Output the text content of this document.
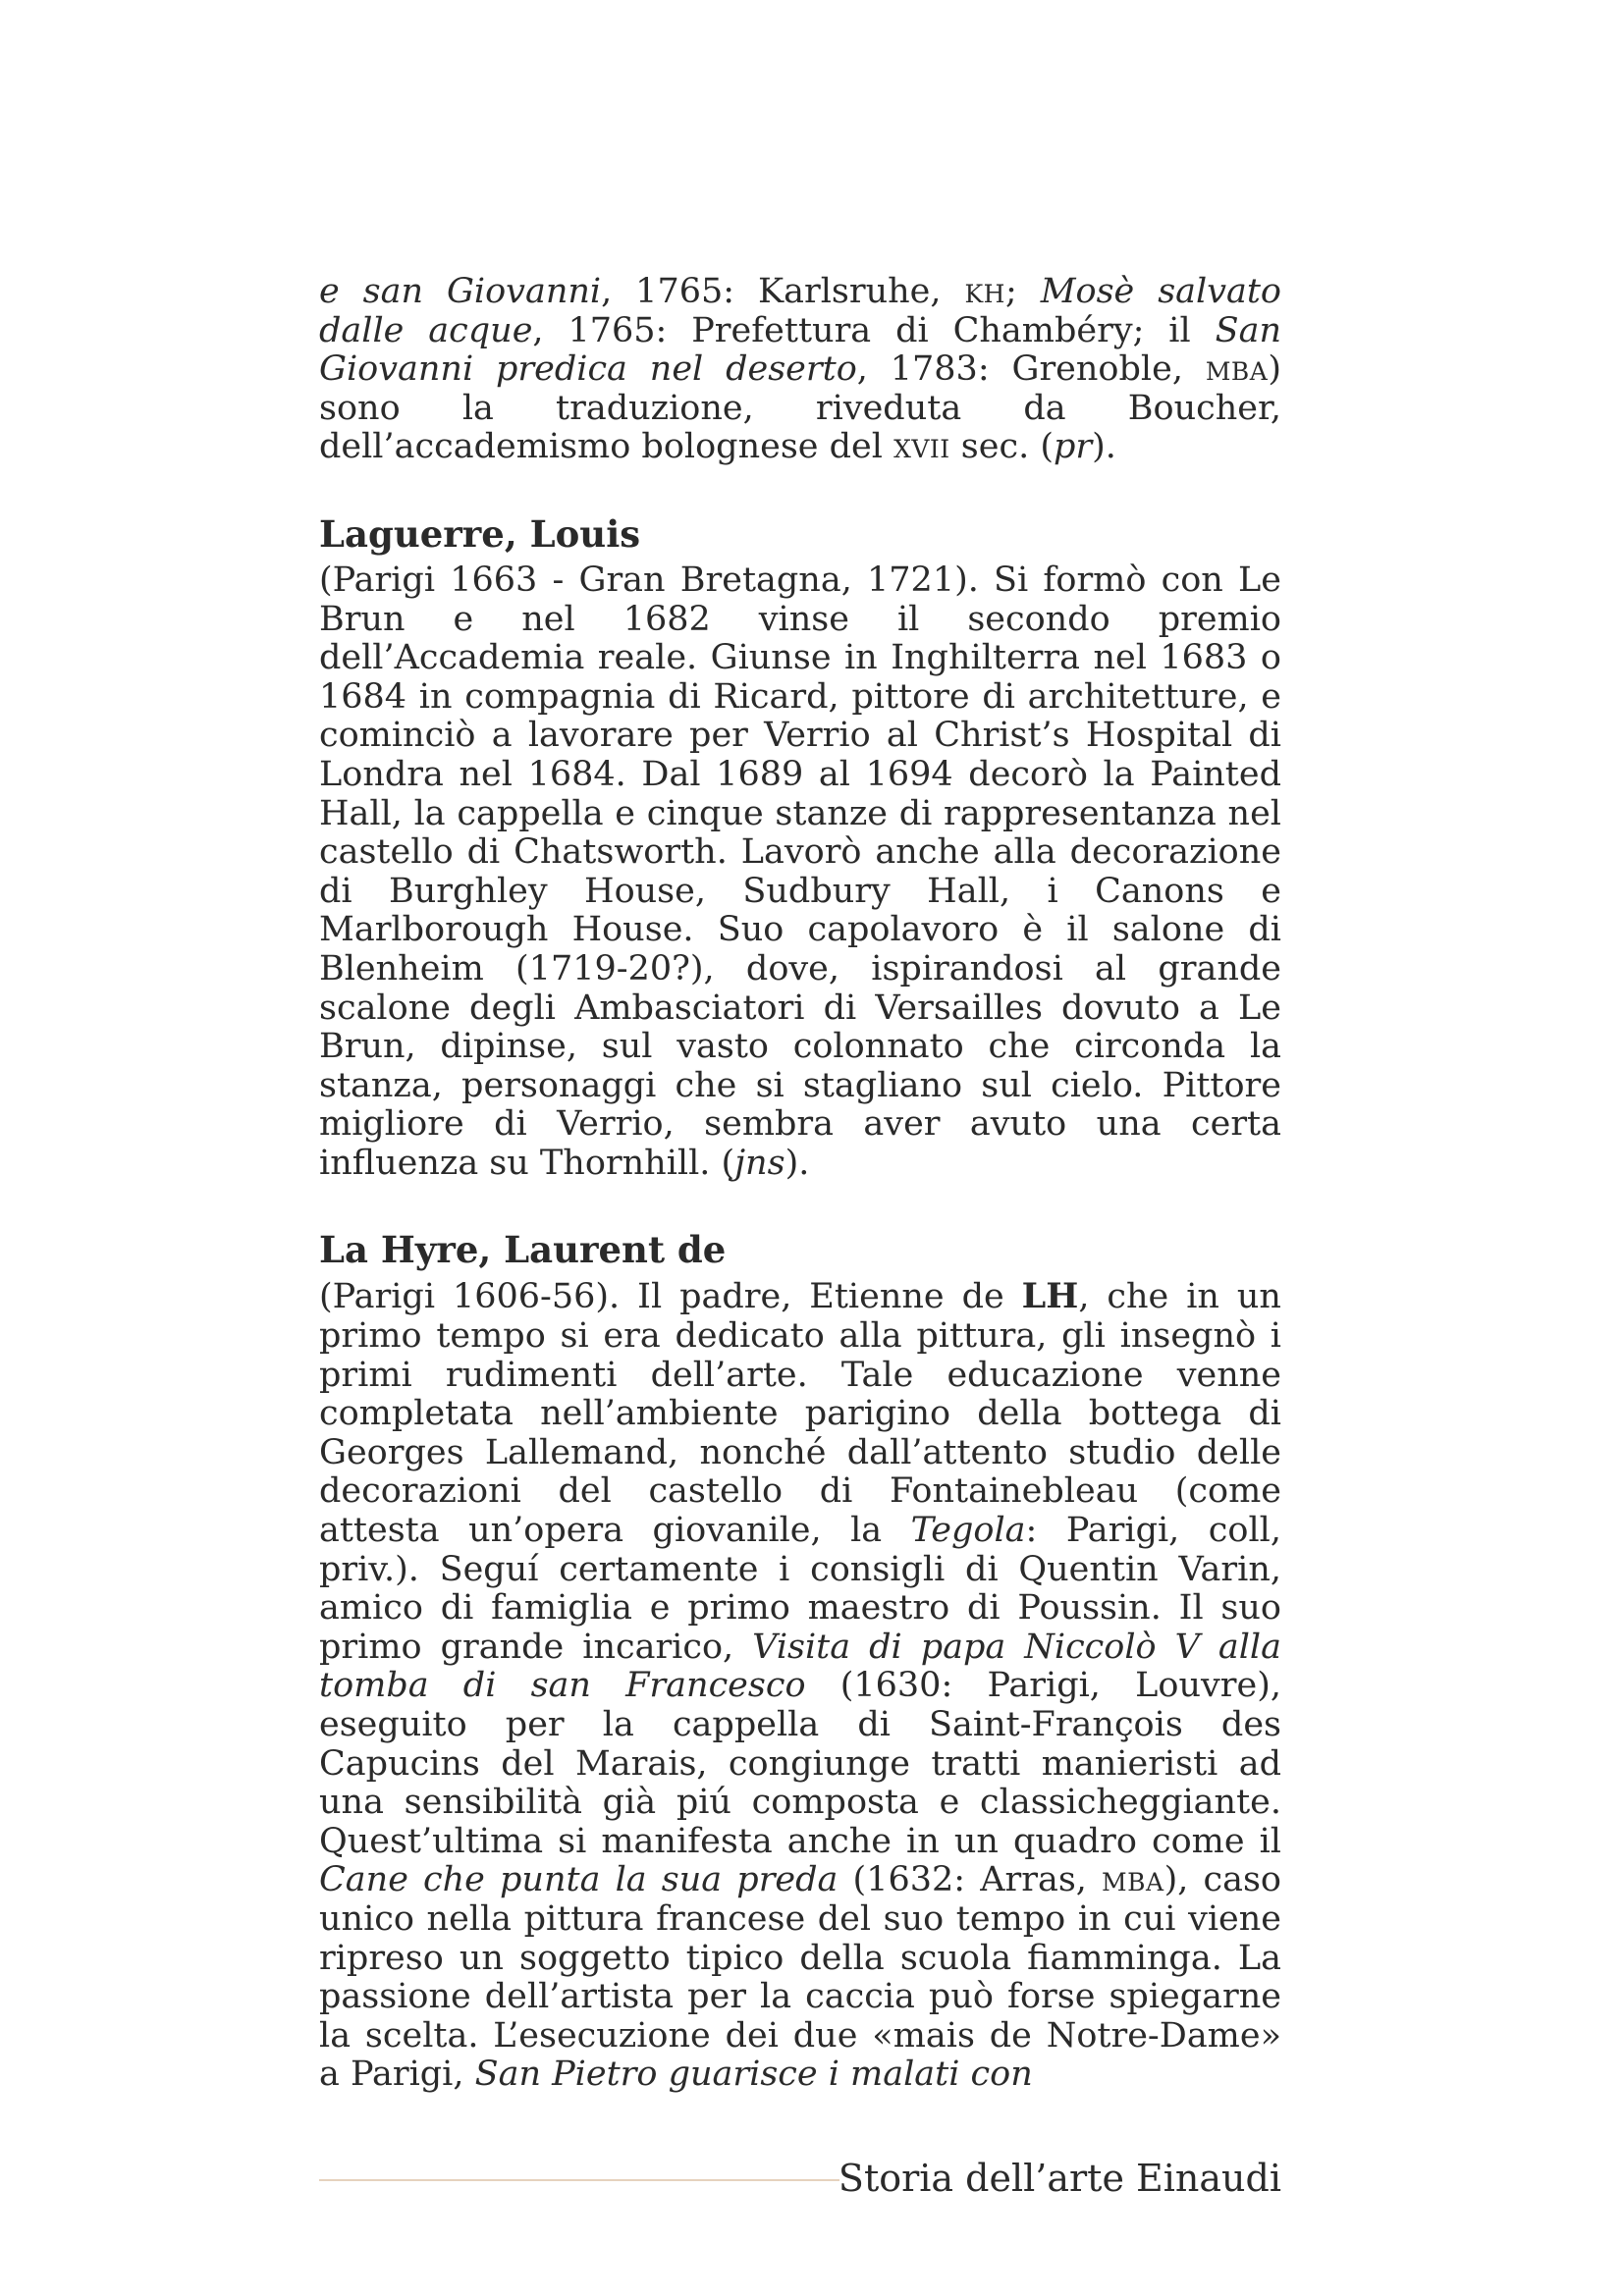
e san Giovanni, 1765: Karlsruhe, kh; Mosè salvato dalle acque, 1765: Prefettura di Chambéry; il San Giovanni predica nel deserto, 1783: Grenoble, mba) sono la traduzione, riveduta da Boucher, dell’accademismo bolognese del xvii sec. (pr).

Laguerre, Louis

(Parigi 1663 - Gran Bretagna, 1721). Si formò con Le Brun e nel 1682 vinse il secondo premio dell’Accademia reale. Giunse in Inghilterra nel 1683 o 1684 in compagnia di Ricard, pittore di architetture, e cominciò a lavorare per Verrio al Christ’s Hospital di Londra nel 1684. Dal 1689 al 1694 decorò la Painted Hall, la cappella e cinque stanze di rappresentanza nel castello di Chatsworth. Lavorò anche alla decorazione di Burghley House, Sudbury Hall, i Canons e Marlborough House. Suo capolavoro è il salone di Blenheim (1719-20?), dove, ispirandosi al grande scalone degli Ambasciatori di Versailles dovuto a Le Brun, dipinse, sul vasto colonnato che circonda la stanza, personaggi che si stagliano sul cielo. Pittore migliore di Verrio, sembra aver avuto una certa influenza su Thornhill. (jns).

La Hyre, Laurent de

(Parigi 1606-56). Il padre, Etienne de LH, che in un primo tempo si era dedicato alla pittura, gli insegnò i primi rudimenti dell’arte. Tale educazione venne completata nell’ambiente parigino della bottega di Georges Lallemand, nonché dall’attento studio delle decorazioni del castello di Fontainebleau (come attesta un’opera giovanile, la Tegola: Parigi, coll, priv.). Seguí certamente i consigli di Quentin Varin, amico di famiglia e primo maestro di Poussin. Il suo primo grande incarico, Visita di papa Niccolò V alla tomba di san Francesco (1630: Parigi, Louvre), eseguito per la cappella di Saint-François des Capucins del Marais, congiunge tratti manieristi ad una sensibilità già piú composta e classicheggiante. Quest’ultima si manifesta anche in un quadro come il Cane che punta la sua preda (1632: Arras, mba), caso unico nella pittura francese del suo tempo in cui viene ripreso un soggetto tipico della scuola fiamminga. La passione dell’artista per la caccia può forse spiegarne la scelta. L’esecuzione dei due «mais de Notre-Dame» a Parigi, San Pietro guarisce i malati con

Storia dell’arte Einaudi
